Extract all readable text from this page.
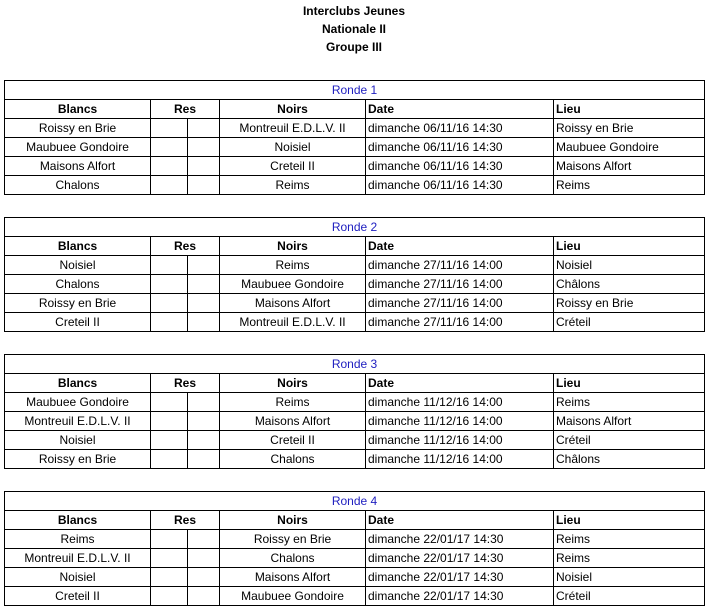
Interclubs Jeunes
Nationale II
Groupe III
Ronde 1					
Blancs	Res		Noirs	Date	Lieu
Roissy en Brie			Montreuil E.D.L.V. II	dimanche 06/11/16 14:30	Roissy en Brie
Maubuee Gondoire			Noisiel	dimanche 06/11/16 14:30	Maubuee Gondoire
Maisons Alfort			Creteil II	dimanche 06/11/16 14:30	Maisons Alfort
Chalons			Reims	dimanche 06/11/16 14:30	Reims
Ronde 2					
Blancs	Res		Noirs	Date	Lieu
Noisiel			Reims	dimanche 27/11/16 14:00	Noisiel
Chalons			Maubuee Gondoire	dimanche 27/11/16 14:00	Châlons
Roissy en Brie			Maisons Alfort	dimanche 27/11/16 14:00	Roissy en Brie
Creteil II			Montreuil E.D.L.V. II	dimanche 27/11/16 14:00	Créteil
Ronde 3					
Blancs	Res		Noirs	Date	Lieu
Maubuee Gondoire			Reims	dimanche 11/12/16 14:00	Reims
Montreuil E.D.L.V. II			Maisons Alfort	dimanche 11/12/16 14:00	Maisons Alfort
Noisiel			Creteil II	dimanche 11/12/16 14:00	Créteil
Roissy en Brie			Chalons	dimanche 11/12/16 14:00	Châlons
Ronde 4					
Blancs	Res		Noirs	Date	Lieu
Reims			Roissy en Brie	dimanche 22/01/17 14:30	Reims
Montreuil E.D.L.V. II			Chalons	dimanche 22/01/17 14:30	Reims
Noisiel			Maisons Alfort	dimanche 22/01/17 14:30	Noisiel
Creteil II			Maubuee Gondoire	dimanche 22/01/17 14:30	Créteil
